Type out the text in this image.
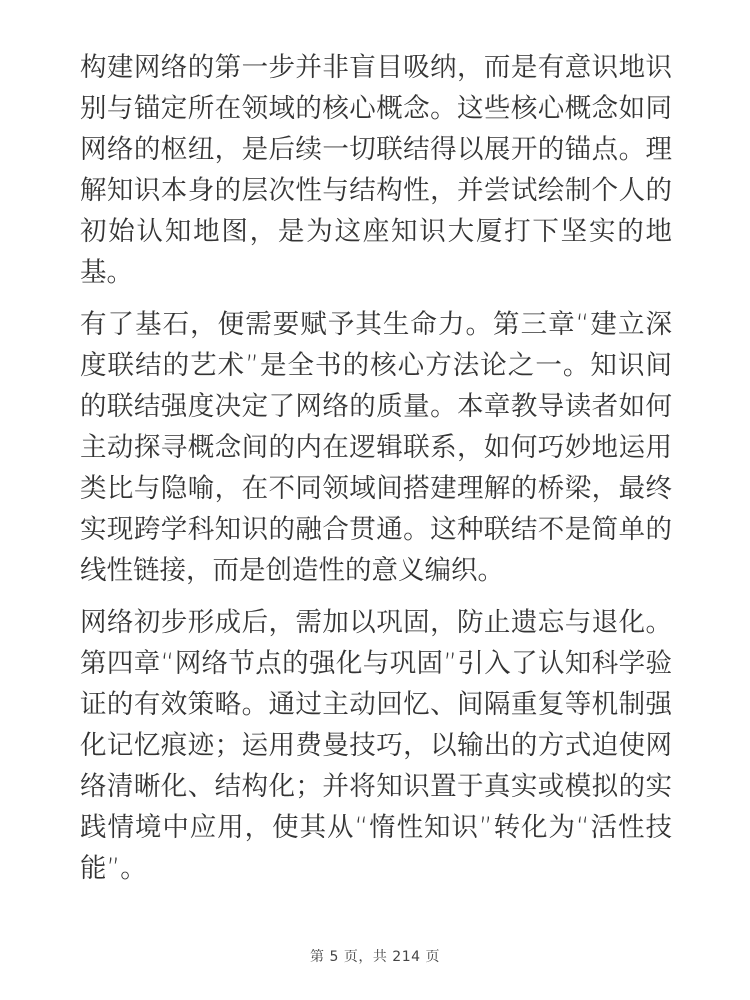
构建网络的第一步并非盲目吸纳，而是有意识地识别与锚定所在领域的核心概念。这些核心概念如同网络的枢纽，是后续一切联结得以展开的锚点。理解知识本身的层次性与结构性，并尝试绘制个人的初始认知地图，是为这座知识大厦打下坚实的地基。

有了基石，便需要赋予其生命力。第三章“建立深度联结的艺术”是全书的核心方法论之一。知识间的联结强度决定了网络的质量。本章教导读者如何主动探寻概念间的内在逻辑联系，如何巧妙地运用类比与隐喻，在不同领域间搭建理解的桥梁，最终实现跨学科知识的融合贯通。这种联结不是简单的线性链接，而是创造性的意义编织。

网络初步形成后，需加以巩固，防止遗忘与退化。第四章“网络节点的强化与巩固”引入了认知科学验证的有效策略。通过主动回忆、间隔重复等机制强化记忆痕迹；运用费曼技巧，以输出的方式迫使网络清晰化、结构化；并将知识置于真实或模拟的实践情境中应用，使其从“惰性知识”转化为“活性技能”。

第 5 页，共 214 页
